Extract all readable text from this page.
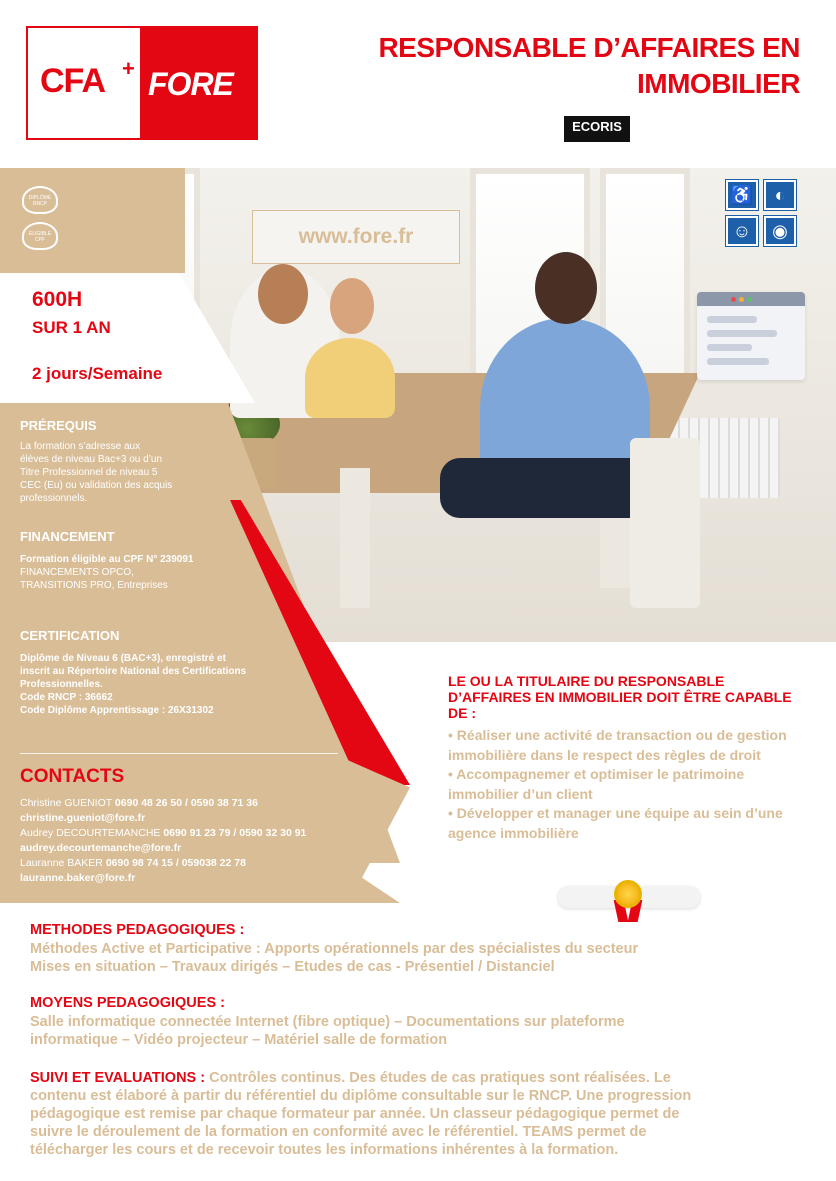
CFA + FORE
RESPONSABLE D’AFFAIRES EN
IMMOBILIER
ECORIS

www.fore.fr
♿	◐
☺	◉
DIPLÔME RNCP
ÉLIGIBLE CPF
600H
SUR 1 AN
2 jours/Semaine
PRÉREQUIS
La formation s’adresse aux
élèves de niveau Bac+3 ou d’un
Titre Professionnel de niveau 5
CEC (Eu) ou validation des acquis
professionnels.
FINANCEMENT
Formation éligible au CPF N° 239091
FINANCEMENTS OPCO,
TRANSITIONS PRO, Entreprises
CERTIFICATION
Diplôme de Niveau 6 (BAC+3), enregistré et
inscrit au Répertoire National des Certifications
Professionnelles.
Code RNCP : 36662
Code Diplôme Apprentissage : 26X31302
CONTACTS
Christine GUENIOT 0690 48 26 50 / 0590 38 71 36
christine.gueniot@fore.fr
Audrey DECOURTEMANCHE 0690 91 23 79 / 0590 32 30 91
audrey.decourtemanche@fore.fr
Lauranne BAKER 0690 98 74 15 / 059038 22 78
lauranne.baker@fore.fr
LE OU LA TITULAIRE DU RESPONSABLE
D’AFFAIRES EN IMMOBILIER DOIT ÊTRE CAPABLE
DE :
• Réaliser une activité de transaction ou de gestion
immobilière dans le respect des règles de droit
• Accompagnemer et optimiser le patrimoine
immobilier d’un client
• Développer et manager une équipe au sein d’une
agence immobilière
METHODES PEDAGOGIQUES :
Méthodes Active et Participative : Apports opérationnels par des spécialistes du secteur
Mises en situation – Travaux dirigés – Etudes de cas - Présentiel / Distanciel
MOYENS PEDAGOGIQUES :
Salle informatique connectée Internet (fibre optique) – Documentations sur plateforme
informatique – Vidéo projecteur – Matériel salle de formation
SUIVI ET EVALUATIONS : Contrôles continus. Des études de cas pratiques sont réalisées. Le
contenu est élaboré à partir du référentiel du diplôme consultable sur le RNCP. Une progression
pédagogique est remise par chaque formateur par année. Un classeur pédagogique permet de
suivre le déroulement de la formation en conformité avec le référentiel. TEAMS permet de
télécharger les cours et de recevoir toutes les informations inhérentes à la formation.
